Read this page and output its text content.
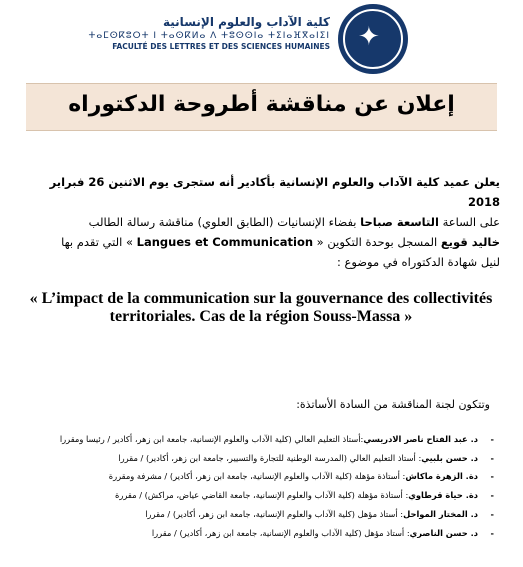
كلية الآداب والعلوم الإنسانية
ⵜⴰⵎⵙⴽⵓⵔⵜ ⵏ ⵜⴰⵙⴽⵍⴰ ⴷ ⵜⵓⵙⵙⵏⴰ ⵜⵉⵏⴰⴼⴳⴰⵏⵉⵏ
FACULTÉ DES LETTRES ET DES SCIENCES HUMAINES ✦
إعلان عن مناقشة أطروحة الدكتوراه
يعلن عميد كلية الآداب والعلوم الإنسانية بأكادير أنه ستجرى يوم الاثنين 26 فبراير 2018
على الساعة التاسعة صباحا بفضاء الإنسانيات (الطابق العلوي) مناقشة رسالة الطالب
خاليد قويع المسجل بوحدة التكوين « Langues et Communication » التي تقدم بها
لنيل شهادة الدكتوراه في موضوع :
« L’impact de la communication sur la gouvernance des collectivités territoriales. Cas de la région Souss-Massa »
وتتكون لجنة المناقشة من السادة الأساتذة:
- د. عبد الفتاح ناصر الادريسي:أستاذ التعليم العالي (كلية الآداب والعلوم الإنسانية، جامعة ابن زهر، أكادير / رئيسا ومقررا
- د. حسن بلبيي: أستاذ التعليم العالي (المدرسة الوطنية للتجارة والتسيير، جامعة ابن زهر، أكادير) / مقررا
- دة. الزهرة ماكاش: أستاذة مؤهلة (كلية الآداب والعلوم الإنسانية، جامعة ابن زهر، أكادير) / مشرفة ومقررة
- دة. حياة قرطاوي: أستاذة مؤهلة (كلية الآداب والعلوم الإنسانية، جامعة القاضي عياض، مراكش) / مقررة
- د. المختار المواحل: أستاذ مؤهل (كلية الآداب والعلوم الإنسانية، جامعة ابن زهر، أكادير) / مقررا
- د. حسن الناصري: أستاذ مؤهل (كلية الآداب والعلوم الإنسانية، جامعة ابن زهر، أكادير) / مقررا
